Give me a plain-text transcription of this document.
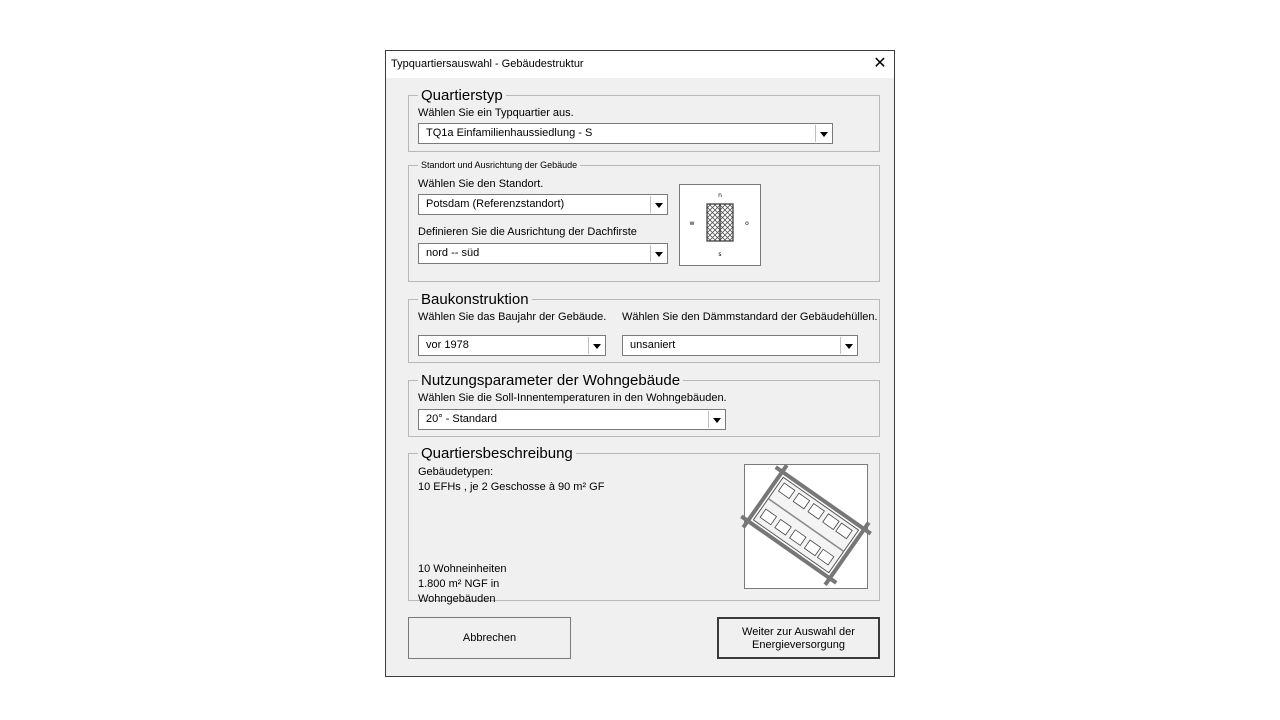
Typquartiersauswahl - Gebäudestruktur	✕
Quartierstyp
Wählen Sie ein Typquartier aus.
TQ1a Einfamilienhaussiedlung - S
Standort und Ausrichtung der Gebäude
Wählen Sie den Standort.
Potsdam (Referenzstandort)
Definieren Sie die Ausrichtung der Dachfirste
nord -- süd
n
s
w	o
Baukonstruktion
Wählen Sie das Baujahr der Gebäude. Wählen Sie den Dämmstandard der Gebäudehüllen.
vor 1978	unsaniert
Nutzungsparameter der Wohngebäude
Wählen Sie die Soll-Innentemperaturen in den Wohngebäuden.
20° - Standard
Quartiersbeschreibung
Gebäudetypen:
10 EFHs , je 2 Geschosse à 90 m² GF
10 Wohneinheiten
1.800 m² NGF in
Wohngebäuden
Abbrechen	Weiter zur Auswahl der
Energieversorgung
